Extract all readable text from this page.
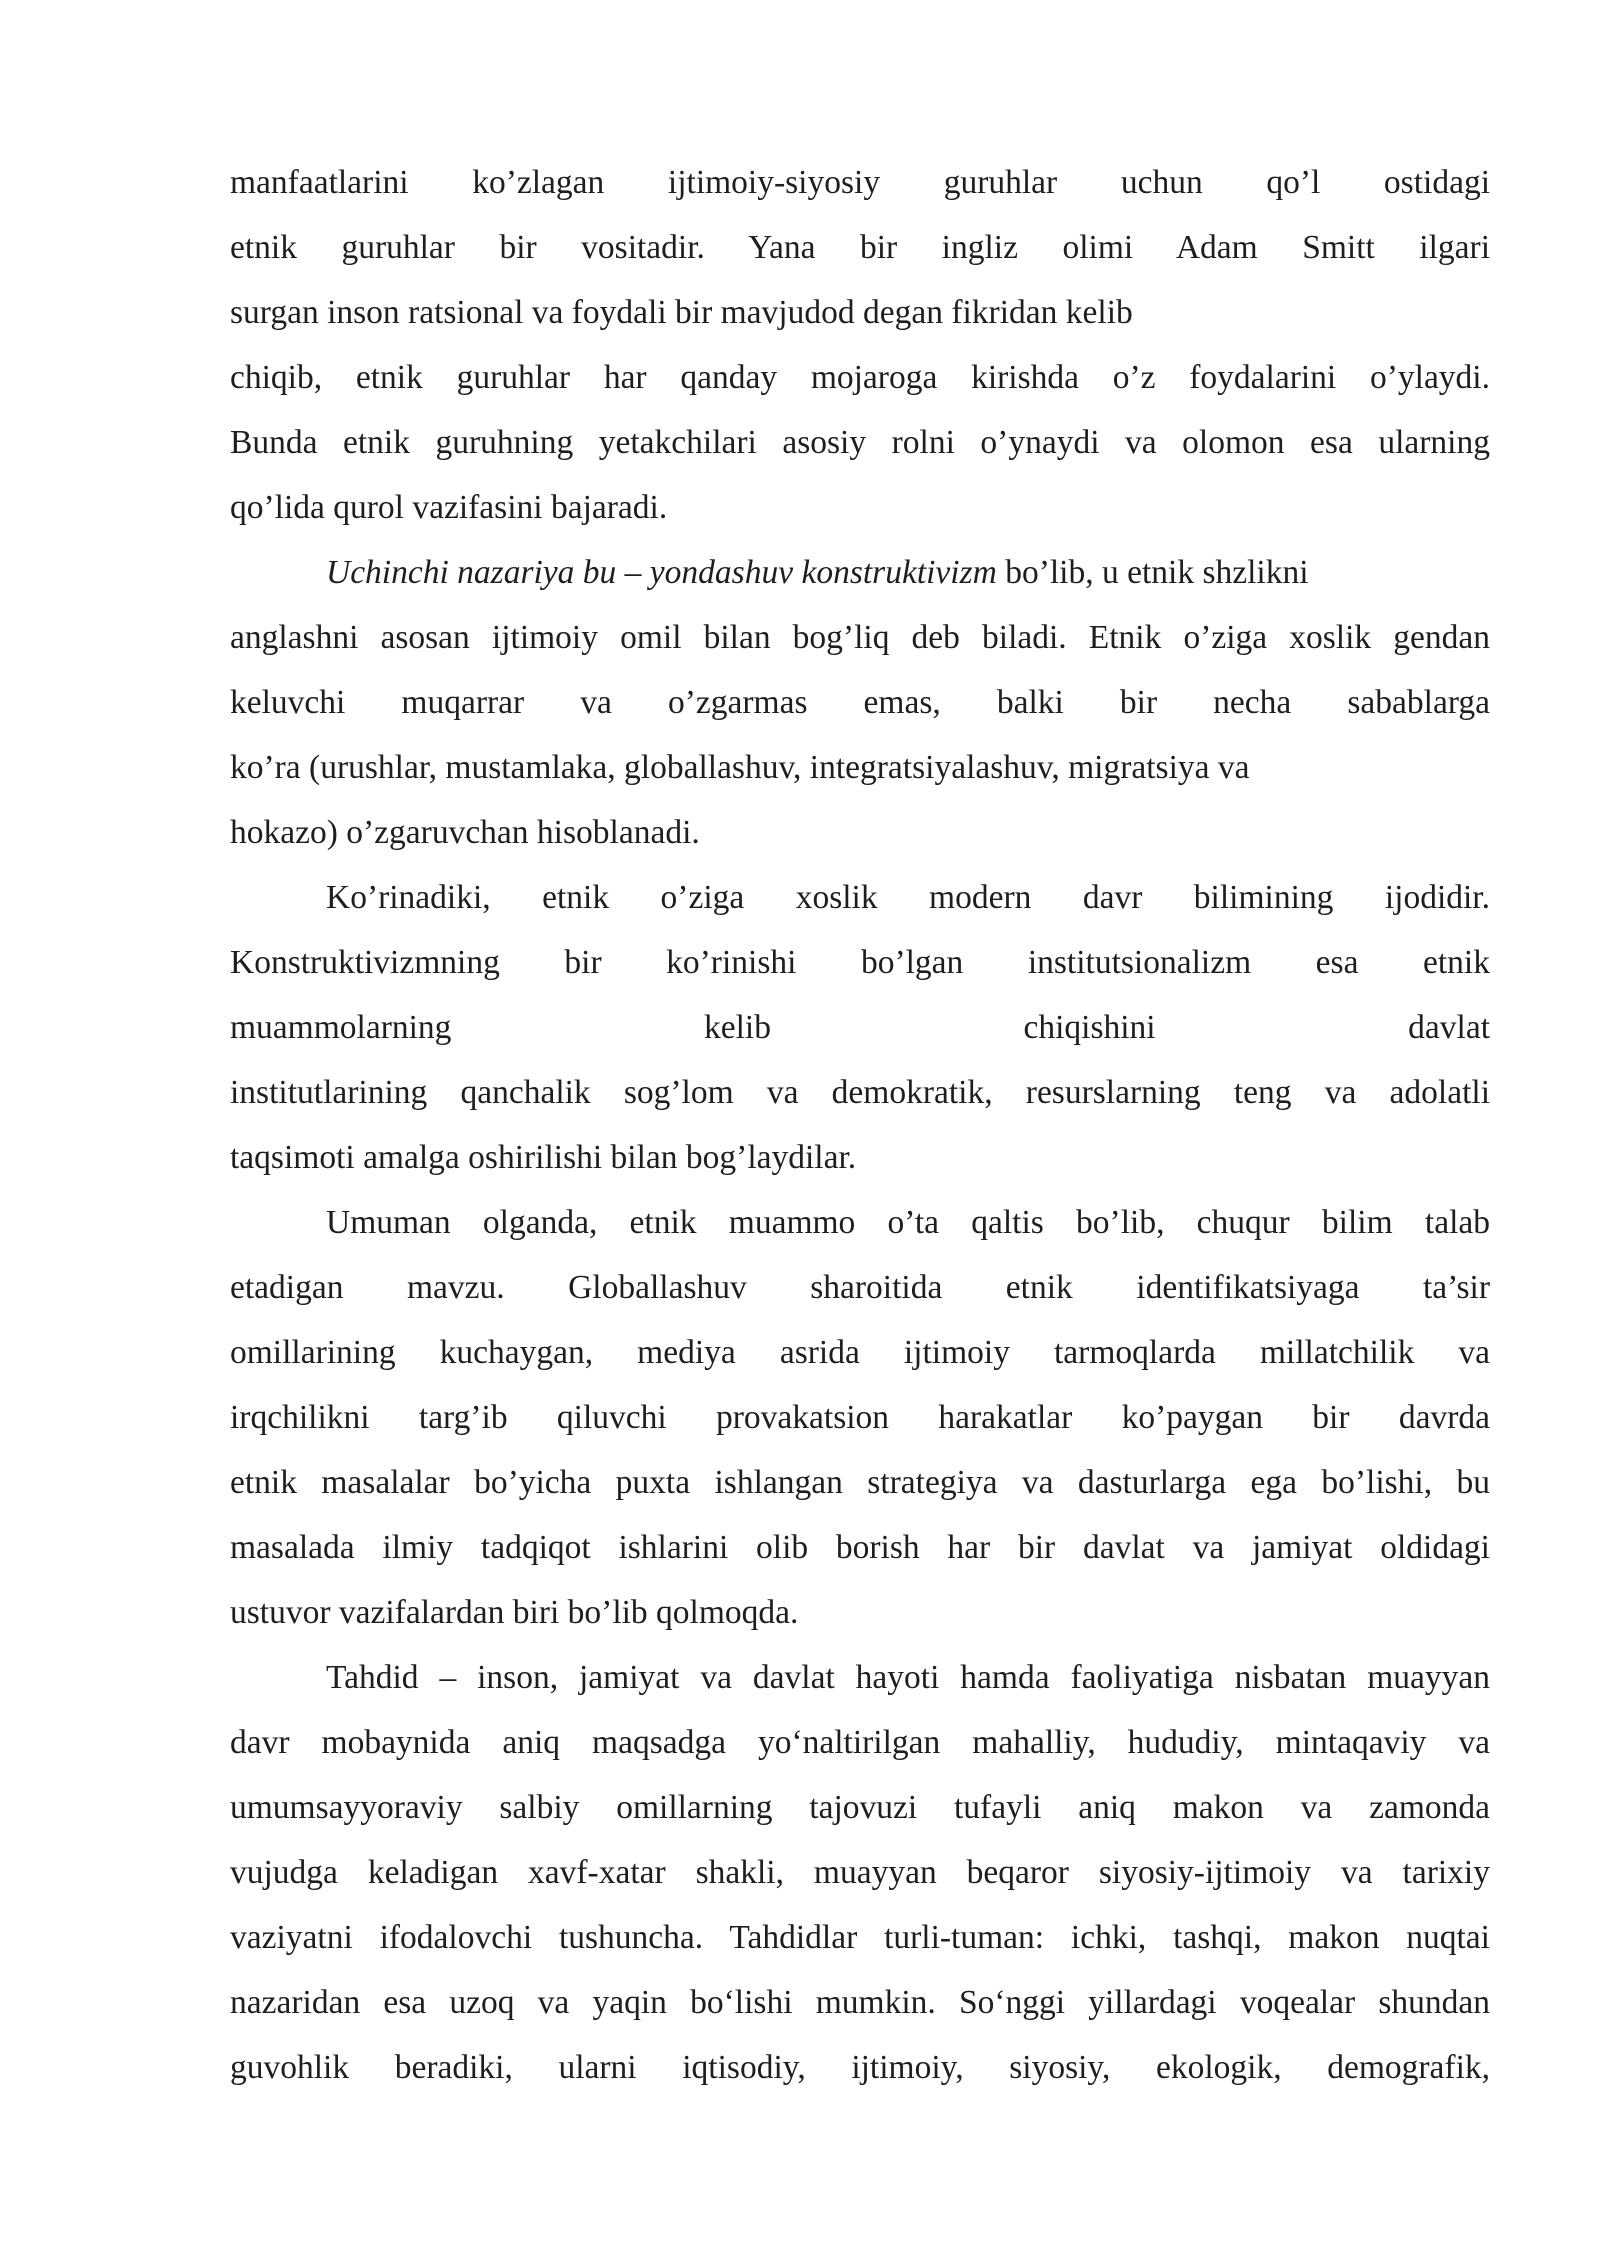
manfaatlarini ko’zlagan ijtimoiy-siyosiy guruhlar uchun qo’l ostidagi
etnik guruhlar bir vositadir. Yana bir ingliz olimi Adam Smitt ilgari
surgan inson ratsional va foydali bir mavjudod degan fikridan kelib
chiqib, etnik guruhlar har qanday mojaroga kirishda o’z foydalarini o’ylaydi.
Bunda etnik guruhning yetakchilari asosiy rolni o’ynaydi va olomon esa ularning
qo’lida qurol vazifasini bajaradi.
Uchinchi nazariya bu – yondashuv konstruktivizm bo’lib, u etnik shzlikni
anglashni asosan ijtimoiy omil bilan bog’liq deb biladi. Etnik o’ziga xoslik gendan
keluvchi muqarrar va o’zgarmas emas, balki bir necha sabablarga
ko’ra (urushlar, mustamlaka, globallashuv, integratsiyalashuv, migratsiya va
hokazo) o’zgaruvchan hisoblanadi.
Ko’rinadiki, etnik o’ziga xoslik modern davr bilimining ijodidir.
Konstruktivizmning bir ko’rinishi bo’lgan institutsionalizm esa etnik
muammolarning kelib chiqishini davlat
institutlarining qanchalik sog’lom va demokratik, resurslarning teng va adolatli
taqsimoti amalga oshirilishi bilan bog’laydilar.
Umuman olganda, etnik muammo o’ta qaltis bo’lib, chuqur bilim talab
etadigan mavzu. Globallashuv sharoitida etnik identifikatsiyaga ta’sir
omillarining kuchaygan, mediya asrida ijtimoiy tarmoqlarda millatchilik va
irqchilikni targ’ib qiluvchi provakatsion harakatlar ko’paygan bir davrda
etnik masalalar bo’yicha puxta ishlangan strategiya va dasturlarga ega bo’lishi, bu
masalada ilmiy tadqiqot ishlarini olib borish har bir davlat va jamiyat oldidagi
ustuvor vazifalardan biri bo’lib qolmoqda.
Tahdid – inson, jamiyat va davlat hayoti hamda faoliyatiga nisbatan muayyan
davr mobaynida aniq maqsadga yo‘naltirilgan mahalliy, hududiy, mintaqaviy va
umumsayyoraviy salbiy omillarning tajovuzi tufayli aniq makon va zamonda
vujudga keladigan xavf-xatar shakli, muayyan beqaror siyosiy-ijtimoiy va tarixiy
vaziyatni ifodalovchi tushuncha. Tahdidlar turli-tuman: ichki, tashqi, makon nuqtai
nazaridan esa uzoq va yaqin bo‘lishi mumkin. So‘nggi yillardagi voqealar shundan
guvohlik beradiki, ularni iqtisodiy, ijtimoiy, siyosiy, ekologik, demografik,
